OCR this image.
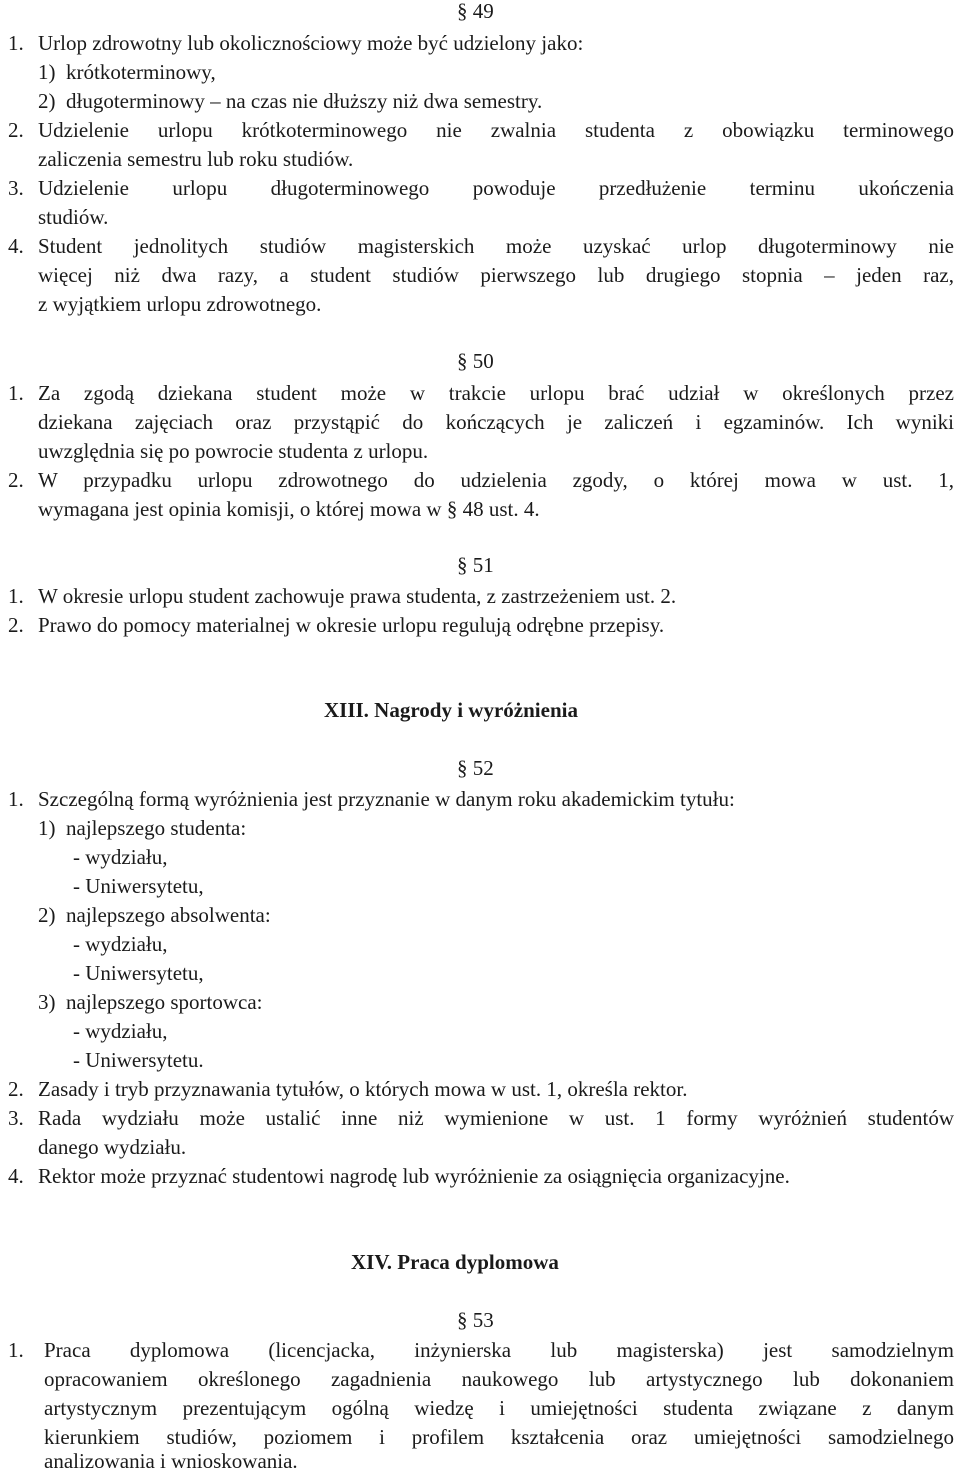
§ 49
1. Urlop zdrowotny lub okolicznościowy może być udzielony jako:
1) krótkoterminowy,
2) długoterminowy – na czas nie dłuższy niż dwa semestry.
2. Udzielenie urlopu krótkoterminowego nie zwalnia studenta z obowiązku terminowego
zaliczenia semestru lub roku studiów.
3. Udzielenie urlopu długoterminowego powoduje przedłużenie terminu ukończenia
studiów.
4. Student jednolitych studiów magisterskich może uzyskać urlop długoterminowy nie
więcej niż dwa razy, a student studiów pierwszego lub drugiego stopnia – jeden raz,
z wyjątkiem urlopu zdrowotnego.
§ 50
1. Za zgodą dziekana student może w trakcie urlopu brać udział w określonych przez
dziekana zajęciach oraz przystąpić do kończących je zaliczeń i egzaminów. Ich wyniki
uwzględnia się po powrocie studenta z urlopu.
2. W przypadku urlopu zdrowotnego do udzielenia zgody, o której mowa w ust. 1,
wymagana jest opinia komisji, o której mowa w § 48 ust. 4.
§ 51
1. W okresie urlopu student zachowuje prawa studenta, z zastrzeżeniem ust. 2.
2. Prawo do pomocy materialnej w okresie urlopu regulują odrębne przepisy.
XIII. Nagrody i wyróżnienia
§ 52
1. Szczególną formą wyróżnienia jest przyznanie w danym roku akademickim tytułu:
1) najlepszego studenta:
- wydziału,
- Uniwersytetu,
2) najlepszego absolwenta:
- wydziału,
- Uniwersytetu,
3) najlepszego sportowca:
- wydziału,
- Uniwersytetu.
2. Zasady i tryb przyznawania tytułów, o których mowa w ust. 1, określa rektor.
3. Rada wydziału może ustalić inne niż wymienione w ust. 1 formy wyróżnień studentów
danego wydziału.
4. Rektor może przyznać studentowi nagrodę lub wyróżnienie za osiągnięcia organizacyjne.
XIV. Praca dyplomowa
§ 53
1. Praca dyplomowa (licencjacka, inżynierska lub magisterska) jest samodzielnym
opracowaniem określonego zagadnienia naukowego lub artystycznego lub dokonaniem
artystycznym prezentującym ogólną wiedzę i umiejętności studenta związane z danym
kierunkiem studiów, poziomem i profilem kształcenia oraz umiejętności samodzielnego
analizowania i wnioskowania.
